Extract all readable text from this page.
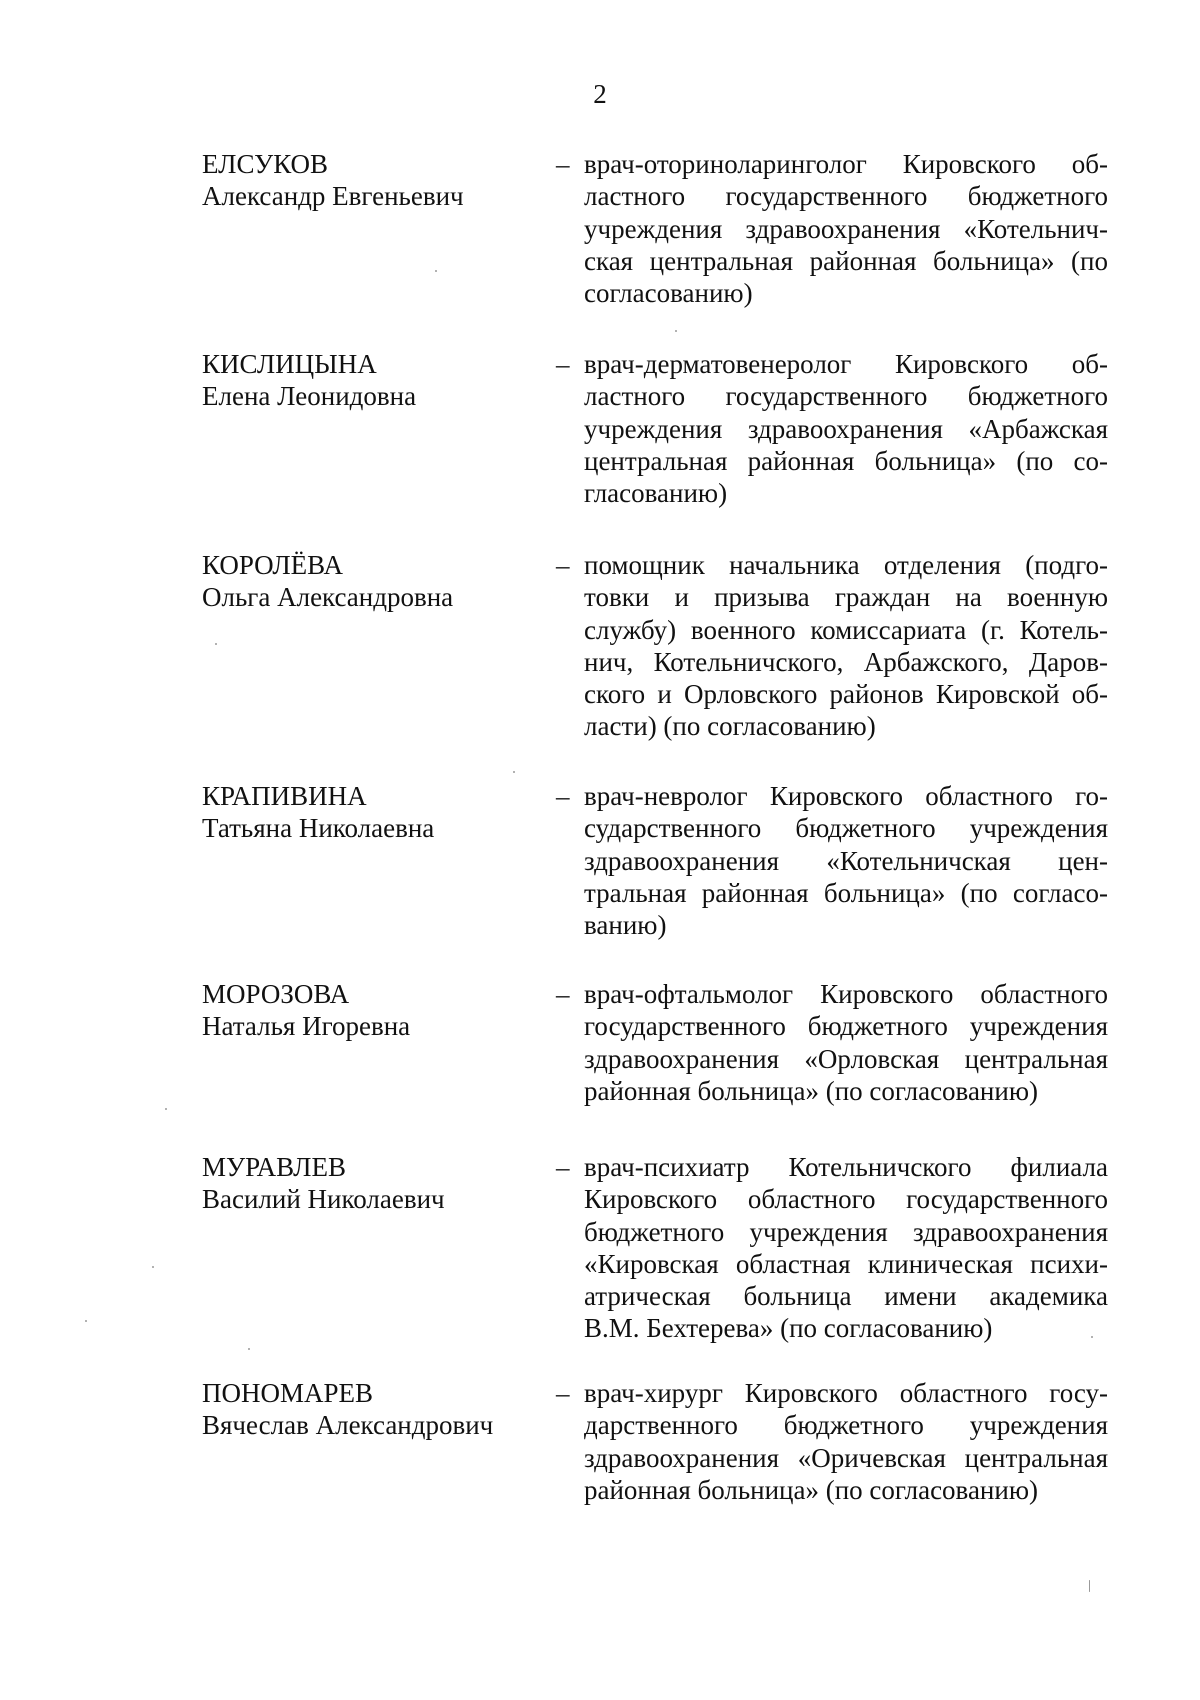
2
ЕЛСУКОВ
Александр Евгеньевич
– врач-оториноларинголог Кировского об-
ластного государственного бюджетного
учреждения здравоохранения «Котельнич-
ская центральная районная больница» (по
согласованию)
КИСЛИЦЫНА
Елена Леонидовна
– врач-дерматовенеролог Кировского об-
ластного государственного бюджетного
учреждения здравоохранения «Арбажская
центральная районная больница» (по со-
гласованию)
КОРОЛЁВА
Ольга Александровна
– помощник начальника отделения (подго-
товки и призыва граждан на военную
службу) военного комиссариата (г. Котель-
нич, Котельничского, Арбажского, Даров-
ского и Орловского районов Кировской об-
ласти) (по согласованию)
КРАПИВИНА
Татьяна Николаевна
– врач-невролог Кировского областного го-
сударственного бюджетного учреждения
здравоохранения «Котельничская цен-
тральная районная больница» (по согласо-
ванию)
МОРОЗОВА
Наталья Игоревна
– врач-офтальмолог Кировского областного
государственного бюджетного учреждения
здравоохранения «Орловская центральная
районная больница» (по согласованию)
МУРАВЛЕВ
Василий Николаевич
– врач-психиатр Котельничского филиала
Кировского областного государственного
бюджетного учреждения здравоохранения
«Кировская областная клиническая психи-
атрическая больница имени академика
В.М. Бехтерева» (по согласованию)
ПОНОМАРЕВ
Вячеслав Александрович
– врач-хирург Кировского областного госу-
дарственного бюджетного учреждения
здравоохранения «Оричевская центральная
районная больница» (по согласованию)
